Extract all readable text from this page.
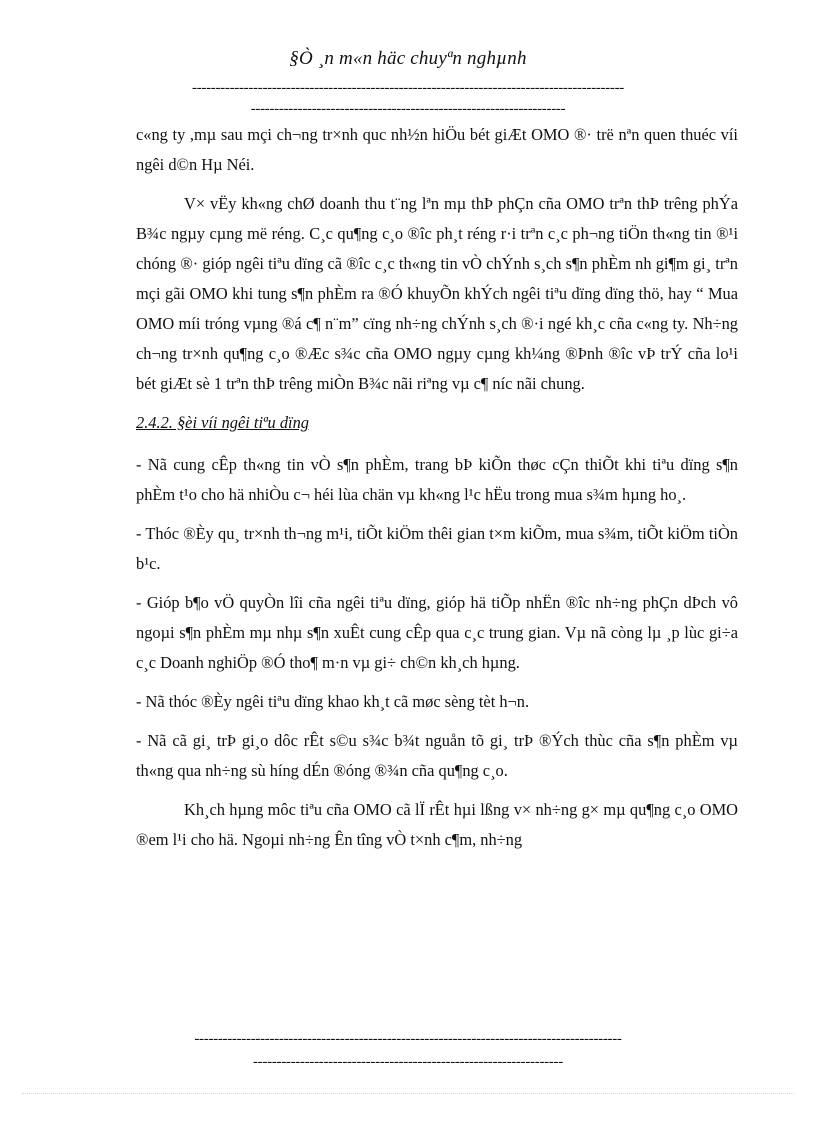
§Ò ¸n m«n häc chuyªn nghµnh
--------------------------------------------------------------------------------------------
-------------------------------------------------------------------

c«ng ty ,mµ sau mçi ch¬ng tr×nh quc nh½n hiÖu bét giÆt OMO ®· trë nªn quen thuéc víi ngêi d©n Hµ Néi.

V× vËy kh«ng chØ doanh thu t¨ng lªn mµ thÞ phÇn cña OMO trªn thÞ trêng phÝa B¾c ngµy cµng më réng. C¸c qu¶ng c¸o ®îc ph¸t réng r·i trªn c¸c ph¬ng tiÖn th«ng tin ®¹i chóng ®· gióp ngêi tiªu dïng cã ®îc c¸c th«ng tin vÒ chÝnh s¸ch s¶n phÈm nh gi¶m gi¸ trªn mçi gãi OMO khi tung s¶n phÈm ra ®Ó khuyÕn khÝch ngêi tiªu dïng dïng thö, hay “ Mua OMO míi tróng vµng ®á c¶ n¨m” cïng nh÷ng chÝnh s¸ch ®·i ngé kh¸c cña c«ng ty. Nh÷ng ch¬ng tr×nh qu¶ng c¸o ®Æc s¾c cña OMO ngµy cµng kh¼ng ®Þnh ®îc vÞ trÝ cña lo¹i bét giÆt sè 1 trªn thÞ trêng miÒn B¾c nãi riªng vµ c¶ níc nãi chung.

2.4.2. §èi víi ngêi tiªu dïng

- Nã cung cÊp th«ng tin vÒ s¶n phÈm, trang bÞ kiÕn thøc cÇn thiÕt khi tiªu dïng s¶n phÈm t¹o cho hä nhiÒu c¬ héi lùa chän vµ kh«ng l¹c hËu trong mua s¾m hµng ho¸.

- Thóc ®Èy qu¸ tr×nh th¬ng m¹i, tiÕt kiÖm thêi gian t×m kiÕm, mua s¾m, tiÕt kiÖm tiÒn b¹c.

- Gióp b¶o vÖ quyÒn lîi cña ngêi tiªu dïng, gióp hä tiÕp nhËn ®îc nh÷ng phÇn dÞch vô ngoµi s¶n phÈm mµ nhµ s¶n xuÊt cung cÊp qua c¸c trung gian. Vµ nã còng lµ ¸p lùc gi÷a c¸c Doanh nghiÖp ®Ó tho¶ m·n vµ gi÷ ch©n kh¸ch hµng.

- Nã thóc ®Èy ngêi tiªu dïng khao kh¸t cã møc sèng tèt h¬n.

- Nã cã gi¸ trÞ gi¸o dôc rÊt s©u s¾c b¾t nguån tõ gi¸ trÞ ®Ých thùc cña s¶n phÈm vµ th«ng qua nh÷ng sù híng dÉn ®óng ®¾n cña qu¶ng c¸o.

Kh¸ch hµng môc tiªu cña OMO cã lÏ rÊt hµi lßng v× nh÷ng g× mµ qu¶ng c¸o OMO ®em l¹i cho hä. Ngoµi nh÷ng Ên tîng vÒ t×nh c¶m, nh÷ng

-------------------------------------------------------------------------------------------
------------------------------------------------------------------
